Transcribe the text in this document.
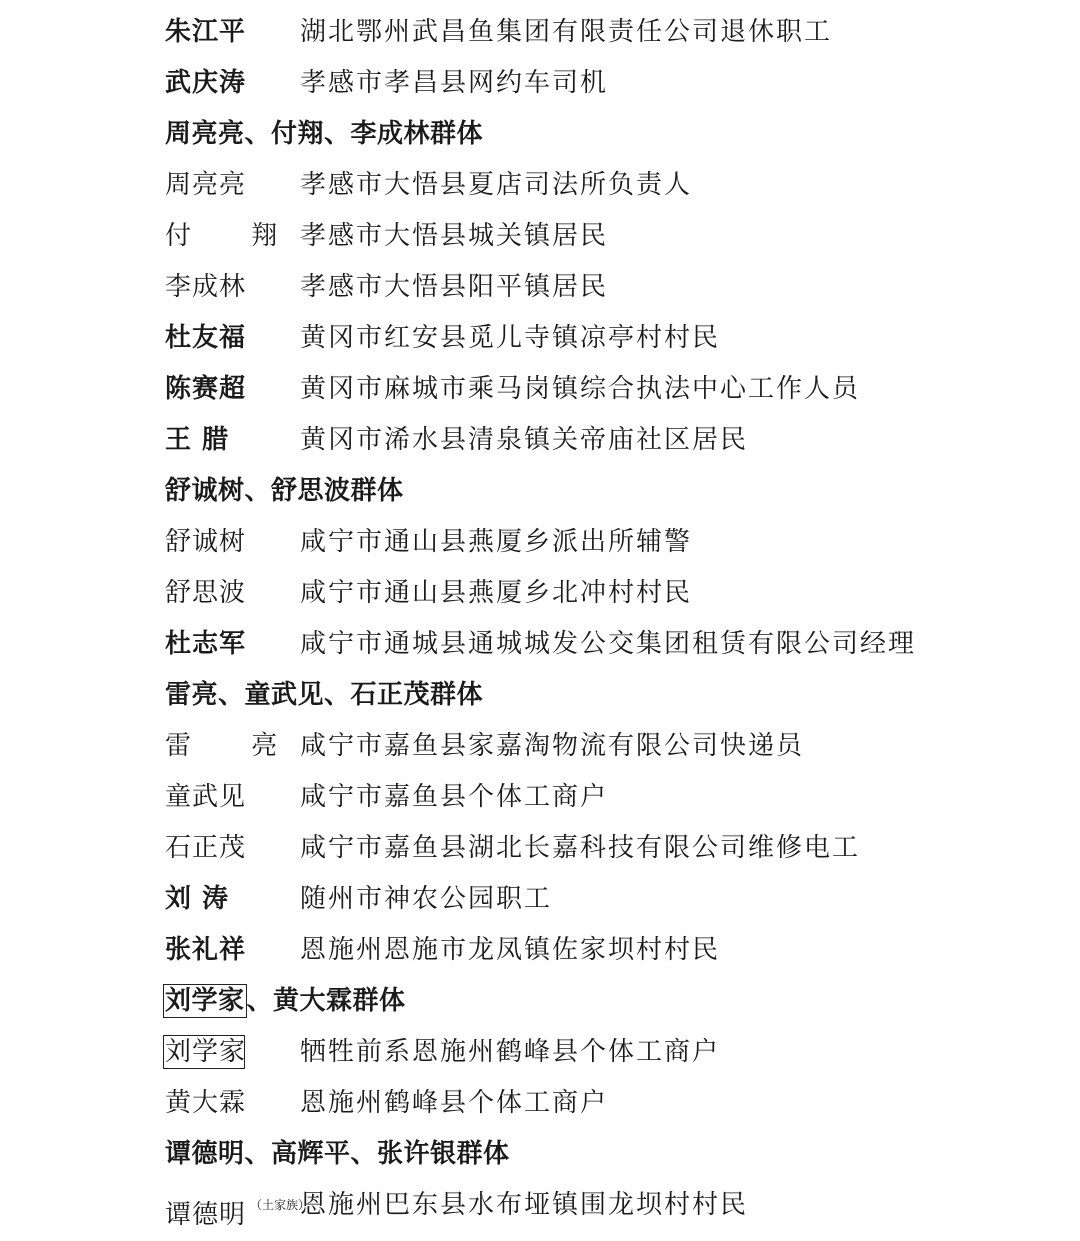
朱江平 湖北鄂州武昌鱼集团有限责任公司退休职工
武庆涛 孝感市孝昌县网约车司机
周亮亮、付翔、李成林群体
周亮亮 孝感市大悟县夏店司法所负责人
付 翔
孝感市大悟县城关镇居民
李成林 孝感市大悟县阳平镇居民
杜友福 黄冈市红安县觅儿寺镇凉亭村村民
陈赛超 黄冈市麻城市乘马岗镇综合执法中心工作人员
王 腊	黄冈市浠水县清泉镇关帝庙社区居民
舒诚树、舒思波群体
舒诚树 咸宁市通山县燕厦乡派出所辅警
舒思波 咸宁市通山县燕厦乡北冲村村民
杜志军 咸宁市通城县通城城发公交集团租赁有限公司经理
雷亮、童武见、石正茂群体
雷 亮
咸宁市嘉鱼县家嘉淘物流有限公司快递员
童武见 咸宁市嘉鱼县个体工商户
石正茂 咸宁市嘉鱼县湖北长嘉科技有限公司维修电工
刘 涛	随州市神农公园职工
张礼祥 恩施州恩施市龙凤镇佐家坝村村民
刘学家、黄大霖群体
刘学家 牺牲前系恩施州鹤峰县个体工商户
黄大霖 恩施州鹤峰县个体工商户
谭德明、高辉平、张许银群体
谭德明 $^{(土家族)}$
恩施州巴东县水布垭镇围龙坝村村民
